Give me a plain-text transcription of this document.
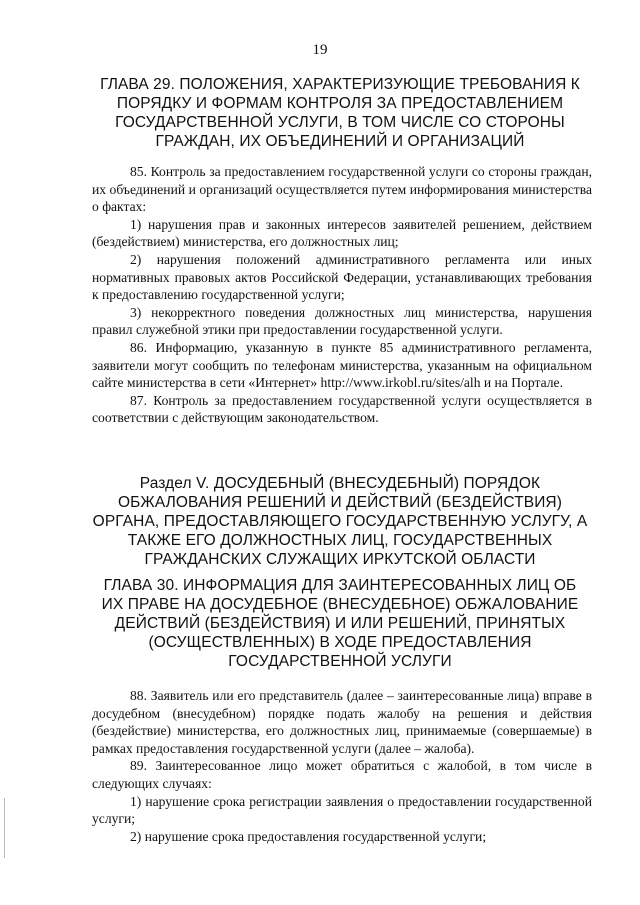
19
ГЛАВА 29. ПОЛОЖЕНИЯ, ХАРАКТЕРИЗУЮЩИЕ ТРЕБОВАНИЯ К
ПОРЯДКУ И ФОРМАМ КОНТРОЛЯ ЗА ПРЕДОСТАВЛЕНИЕМ
ГОСУДАРСТВЕННОЙ УСЛУГИ, В ТОМ ЧИСЛЕ СО СТОРОНЫ
ГРАЖДАН, ИХ ОБЪЕДИНЕНИЙ И ОРГАНИЗАЦИЙ

85. Контроль за предоставлением государственной услуги со стороны граждан, их объединений и организаций осуществляется путем информирования министерства о фактах:

1) нарушения прав и законных интересов заявителей решением, действием (бездействием) министерства, его должностных лиц;

2) нарушения положений административного регламента или иных нормативных правовых актов Российской Федерации, устанавливающих требования к предоставлению государственной услуги;

3) некорректного поведения должностных лиц министерства, нарушения правил служебной этики при предоставлении государственной услуги.

86. Информацию, указанную в пункте 85 административного регламента, заявители могут сообщить по телефонам министерства, указанным на официальном сайте министерства в сети «Интернет» http://www.irkobl.ru/sites/alh и на Портале.

87. Контроль за предоставлением государственной услуги осуществляется в соответствии с действующим законодательством.

Раздел V. ДОСУДЕБНЫЙ (ВНЕСУДЕБНЫЙ) ПОРЯДОК
ОБЖАЛОВАНИЯ РЕШЕНИЙ И ДЕЙСТВИЙ (БЕЗДЕЙСТВИЯ)
ОРГАНА, ПРЕДОСТАВЛЯЮЩЕГО ГОСУДАРСТВЕННУЮ УСЛУГУ, А
ТАКЖЕ ЕГО ДОЛЖНОСТНЫХ ЛИЦ, ГОСУДАРСТВЕННЫХ
ГРАЖДАНСКИХ СЛУЖАЩИХ ИРКУТСКОЙ ОБЛАСТИ
ГЛАВА 30. ИНФОРМАЦИЯ ДЛЯ ЗАИНТЕРЕСОВАННЫХ ЛИЦ ОБ
ИХ ПРАВЕ НА ДОСУДЕБНОЕ (ВНЕСУДЕБНОЕ) ОБЖАЛОВАНИЕ
ДЕЙСТВИЙ (БЕЗДЕЙСТВИЯ) И ИЛИ РЕШЕНИЙ, ПРИНЯТЫХ
(ОСУЩЕСТВЛЕННЫХ) В ХОДЕ ПРЕДОСТАВЛЕНИЯ
ГОСУДАРСТВЕННОЙ УСЛУГИ

88. Заявитель или его представитель (далее – заинтересованные лица) вправе в досудебном (внесудебном) порядке подать жалобу на решения и действия (бездействие) министерства, его должностных лиц, принимаемые (совершаемые) в рамках предоставления государственной услуги (далее – жалоба).

89. Заинтересованное лицо может обратиться с жалобой, в том числе в следующих случаях:

1) нарушение срока регистрации заявления о предоставлении государственной услуги;

2) нарушение срока предоставления государственной услуги;
